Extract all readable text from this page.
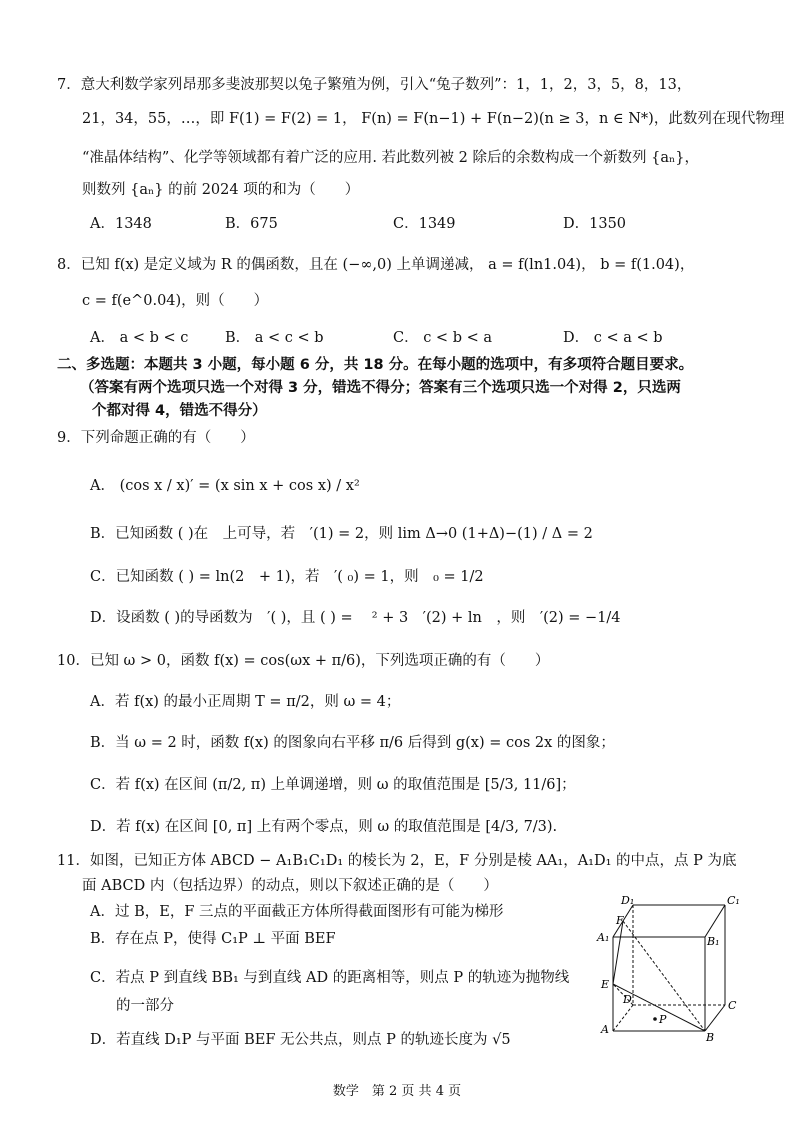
7．意大利数学家列昂那多斐波那契以兔子繁殖为例，引入“兔子数列”：1，1，2，3，5，8，13，
21，34，55，…，即 F(1) = F(2) = 1， F(n) = F(n−1) + F(n−2)(n ≥ 3，n ∈ N*)，此数列在现代物理
“准晶体结构”、化学等领域都有着广泛的应用. 若此数列被 2 除后的余数构成一个新数列 {aₙ}，
则数列 {aₙ} 的前 2024 项的和为（　　）
A．1348	B．675	C．1349	D．1350
8．已知 f(x) 是定义域为 R 的偶函数，且在 (−∞,0) 上单调递减， a = f(ln1.04)， b = f(1.04)，
c = f(e^0.04)，则（　　）
A． a < b < c	B． a < c < b	C． c < b < a	D． c < a < b
二、多选题：本题共 3 小题，每小题 6 分，共 18 分。在每小题的选项中，有多项符合题目要求。
（答案有两个选项只选一个对得 3 分，错选不得分；答案有三个选项只选一个对得 2，只选两
个都对得 4，错选不得分）
9．下列命题正确的有（　　）
A． (cos x / x)′ = (x sin x + cos x) / x²
B．已知函数 ( )在　上可导，若　′(1) = 2，则 lim Δ→0 (1+Δ)−(1) / Δ = 2
C．已知函数 ( ) = ln(2　+ 1)，若　′( ₀) = 1，则　₀ = 1/2
D．设函数 ( )的导函数为　′( )，且 ( ) = 　² + 3　′(2) + ln　，则　′(2) = −1/4
10．已知 ω > 0，函数 f(x) = cos(ωx + π/6)，下列选项正确的有（　　）
A．若 f(x) 的最小正周期 T = π/2，则 ω = 4；
B．当 ω = 2 时，函数 f(x) 的图象向右平移 π/6 后得到 g(x) = cos 2x 的图象；
C．若 f(x) 在区间 (π/2, π) 上单调递增，则 ω 的取值范围是 [5/3, 11/6]；
D．若 f(x) 在区间 [0, π] 上有两个零点，则 ω 的取值范围是 [4/3, 7/3).
11．如图，已知正方体 ABCD − A₁B₁C₁D₁ 的棱长为 2，E，F 分别是棱 AA₁，A₁D₁ 的中点，点 P 为底
面 ABCD 内（包括边界）的动点，则以下叙述正确的是（　　）
A．过 B，E，F 三点的平面截正方体所得截面图形有可能为梯形
B．存在点 P，使得 C₁P ⊥ 平面 BEF
C．若点 P 到直线 BB₁ 与到直线 AD 的距离相等，则点 P 的轨迹为抛物线
的一部分
D．若直线 D₁P 与平面 BEF 无公共点，则点 P 的轨迹长度为 √5
D₁	C₁
F
A₁	B₁
E
D	C
A
B
P
数学　第 2 页 共 4 页
